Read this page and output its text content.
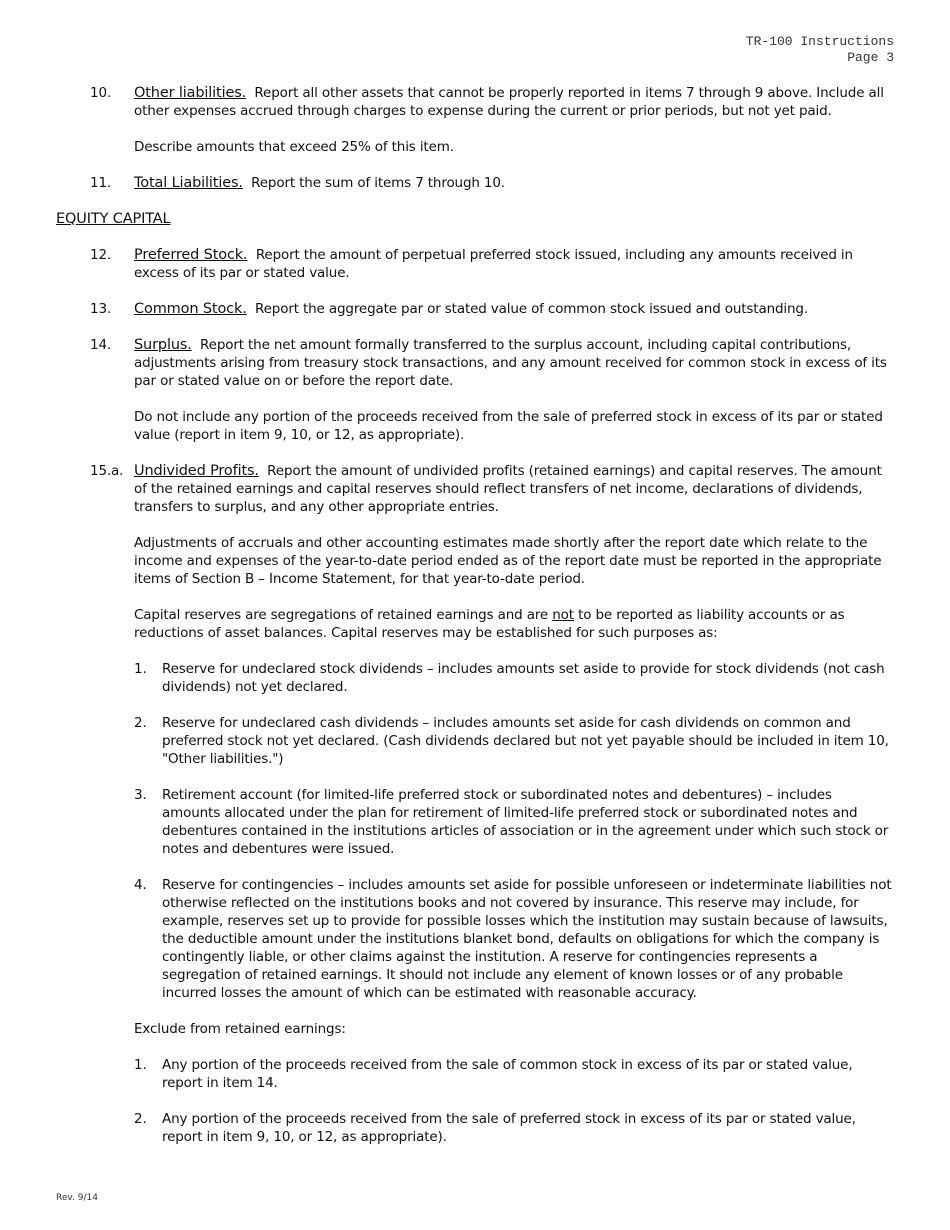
TR-100 Instructions
Page 3
10. Other liabilities. Report all other assets that cannot be properly reported in items 7 through 9 above. Include all other expenses accrued through charges to expense during the current or prior periods, but not yet paid.
Describe amounts that exceed 25% of this item.
11. Total Liabilities. Report the sum of items 7 through 10.
EQUITY CAPITAL
12. Preferred Stock. Report the amount of perpetual preferred stock issued, including any amounts received in excess of its par or stated value.
13. Common Stock. Report the aggregate par or stated value of common stock issued and outstanding.
14. Surplus. Report the net amount formally transferred to the surplus account, including capital contributions, adjustments arising from treasury stock transactions, and any amount received for common stock in excess of its par or stated value on or before the report date.
Do not include any portion of the proceeds received from the sale of preferred stock in excess of its par or stated value (report in item 9, 10, or 12, as appropriate).
15.a. Undivided Profits. Report the amount of undivided profits (retained earnings) and capital reserves. The amount of the retained earnings and capital reserves should reflect transfers of net income, declarations of dividends, transfers to surplus, and any other appropriate entries.
Adjustments of accruals and other accounting estimates made shortly after the report date which relate to the income and expenses of the year-to-date period ended as of the report date must be reported in the appropriate items of Section B – Income Statement, for that year-to-date period.
Capital reserves are segregations of retained earnings and are not to be reported as liability accounts or as reductions of asset balances. Capital reserves may be established for such purposes as:
1. Reserve for undeclared stock dividends – includes amounts set aside to provide for stock dividends (not cash dividends) not yet declared.
2. Reserve for undeclared cash dividends – includes amounts set aside for cash dividends on common and preferred stock not yet declared. (Cash dividends declared but not yet payable should be included in item 10, "Other liabilities.")
3. Retirement account (for limited-life preferred stock or subordinated notes and debentures) – includes amounts allocated under the plan for retirement of limited-life preferred stock or subordinated notes and debentures contained in the institutions articles of association or in the agreement under which such stock or notes and debentures were issued.
4. Reserve for contingencies – includes amounts set aside for possible unforeseen or indeterminate liabilities not otherwise reflected on the institutions books and not covered by insurance. This reserve may include, for example, reserves set up to provide for possible losses which the institution may sustain because of lawsuits, the deductible amount under the institutions blanket bond, defaults on obligations for which the company is contingently liable, or other claims against the institution. A reserve for contingencies represents a segregation of retained earnings. It should not include any element of known losses or of any probable incurred losses the amount of which can be estimated with reasonable accuracy.
Exclude from retained earnings:
1. Any portion of the proceeds received from the sale of common stock in excess of its par or stated value, report in item 14.
2. Any portion of the proceeds received from the sale of preferred stock in excess of its par or stated value, report in item 9, 10, or 12, as appropriate).
Rev. 9/14
